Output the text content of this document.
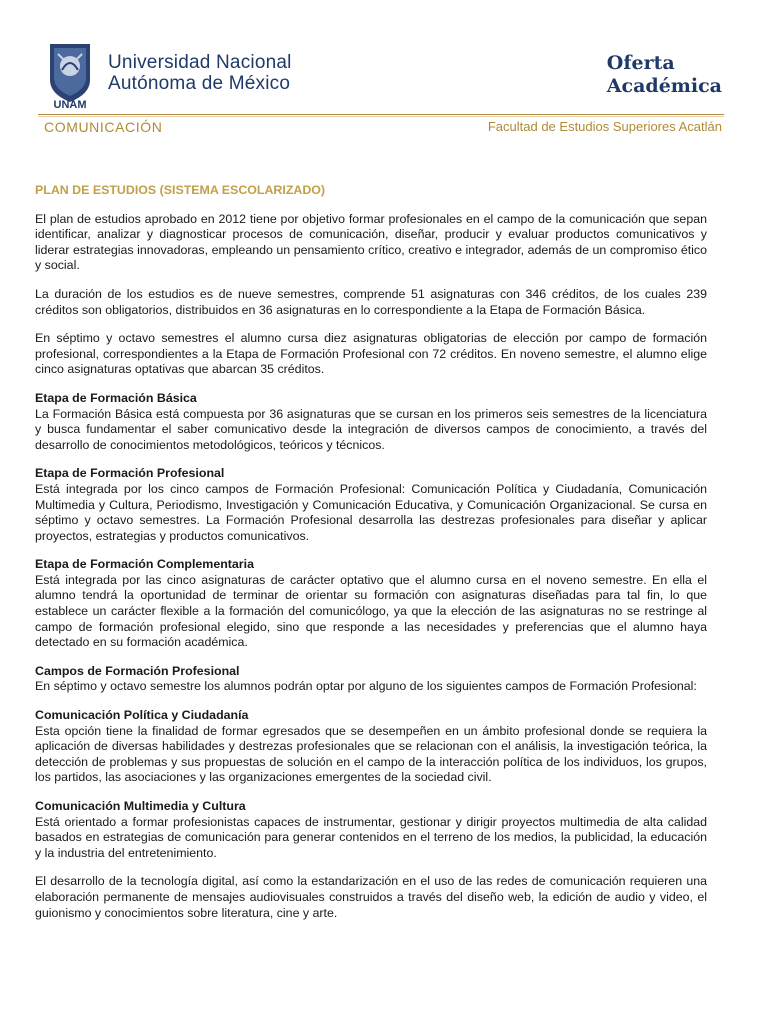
UNAM
Universidad Nacional
Autónoma de México
Oferta
Académica
COMUNICACIÓN	Facultad de Estudios Superiores Acatlán
PLAN DE ESTUDIOS (SISTEMA ESCOLARIZADO)

El plan de estudios aprobado en 2012 tiene por objetivo formar profesionales en el campo de la comunicación que sepan identificar, analizar y diagnosticar procesos de comunicación, diseñar, producir y evaluar productos comunicativos y liderar estrategias innovadoras, empleando un pensamiento crítico, creativo e integrador, además de un compromiso ético y social.

La duración de los estudios es de nueve semestres, comprende 51 asignaturas con 346 créditos, de los cuales 239 créditos son obligatorios, distribuidos en 36 asignaturas en lo correspondiente a la Etapa de Formación Básica.

En séptimo y octavo semestres el alumno cursa diez asignaturas obligatorias de elección por campo de formación profesional, correspondientes a la Etapa de Formación Profesional con 72 créditos. En noveno semestre, el alumno elige cinco asignaturas optativas que abarcan 35 créditos.

Etapa de Formación Básica

La Formación Básica está compuesta por 36 asignaturas que se cursan en los primeros seis semestres de la licenciatura y busca fundamentar el saber comunicativo desde la integración de diversos campos de conocimiento, a través del desarrollo de conocimientos metodológicos, teóricos y técnicos.

Etapa de Formación Profesional

Está integrada por los cinco campos de Formación Profesional: Comunicación Política y Ciudadanía, Comunicación Multimedia y Cultura, Periodismo, Investigación y Comunicación Educativa, y Comunicación Organizacional. Se cursa en séptimo y octavo semestres. La Formación Profesional desarrolla las destrezas profesionales para diseñar y aplicar proyectos, estrategias y productos comunicativos.

Etapa de Formación Complementaria

Está integrada por las cinco asignaturas de carácter optativo que el alumno cursa en el noveno semestre. En ella el alumno tendrá la oportunidad de terminar de orientar su formación con asignaturas diseñadas para tal fin, lo que establece un carácter flexible a la formación del comunicólogo, ya que la elección de las asignaturas no se restringe al campo de formación profesional elegido, sino que responde a las necesidades y preferencias que el alumno haya detectado en su formación académica.

Campos de Formación Profesional

En séptimo y octavo semestre los alumnos podrán optar por alguno de los siguientes campos de Formación Profesional:

Comunicación Política y Ciudadanía

Esta opción tiene la finalidad de formar egresados que se desempeñen en un ámbito profesional donde se requiera la aplicación de diversas habilidades y destrezas profesionales que se relacionan con el análisis, la investigación teórica, la detección de problemas y sus propuestas de solución en el campo de la interacción política de los individuos, los grupos, los partidos, las asociaciones y las organizaciones emergentes de la sociedad civil.

Comunicación Multimedia y Cultura

Está orientado a formar profesionistas capaces de instrumentar, gestionar y dirigir proyectos multimedia de alta calidad basados en estrategias de comunicación para generar contenidos en el terreno de los medios, la publicidad, la educación y la industria del entretenimiento.

El desarrollo de la tecnología digital, así como la estandarización en el uso de las redes de comunicación requieren una elaboración permanente de mensajes audiovisuales construidos a través del diseño web, la edición de audio y video, el guionismo y conocimientos sobre literatura, cine y arte.
